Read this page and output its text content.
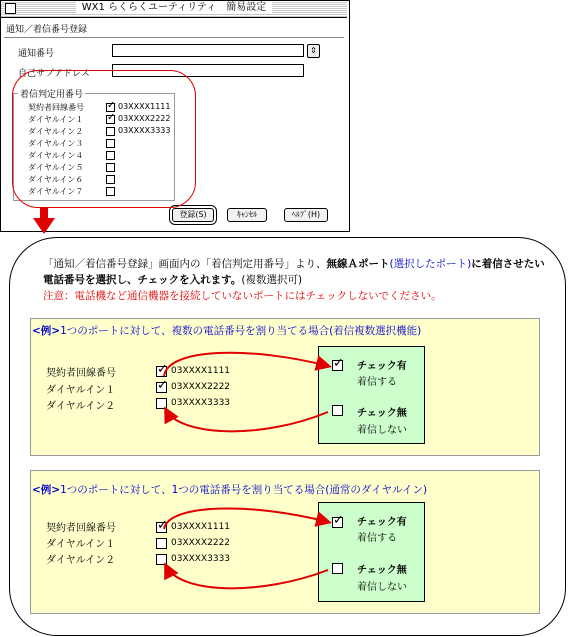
WX1 らくらくユーティリティ　簡易設定
通知／着信番号登録
通知番号	⇕
自己サブアドレス
着信判定用番号
契約者回線番号 ✓	03XXXX1111
ダイヤルイン１ ✓	03XXXX2222
ダイヤルイン２	03XXXX3333
ダイヤルイン３
ダイヤルイン４
ダイヤルイン５
ダイヤルイン６
ダイヤルイン７
登録(S)	ｷｬﾝｾﾙ	ﾍﾙﾌﾟ(H)
「通知／着信番号登録」画面内の「着信判定用番号」より、無線Ａポート(選択したポート)に着信させたい電話番号を選択し、チェックを入れます。(複数選択可)
注意：電話機など通信機器を接続していないポートにはチェックしないでください。
<例>1つのポートに対して、複数の電話番号を割り当てる場合(着信複数選択機能)
契約者回線番号 ✓	03XXXX1111
ダイヤルイン１ ✓	03XXXX2222
ダイヤルイン２	03XXXX3333
✓
チェック有
着信する
チェック無
着信しない
<例>1つのポートに対して、1つの電話番号を割り当てる場合(通常のダイヤルイン)
契約者回線番号 ✓	03XXXX1111
ダイヤルイン１	03XXXX2222
ダイヤルイン２	03XXXX3333
✓
チェック有
着信する
チェック無
着信しない
